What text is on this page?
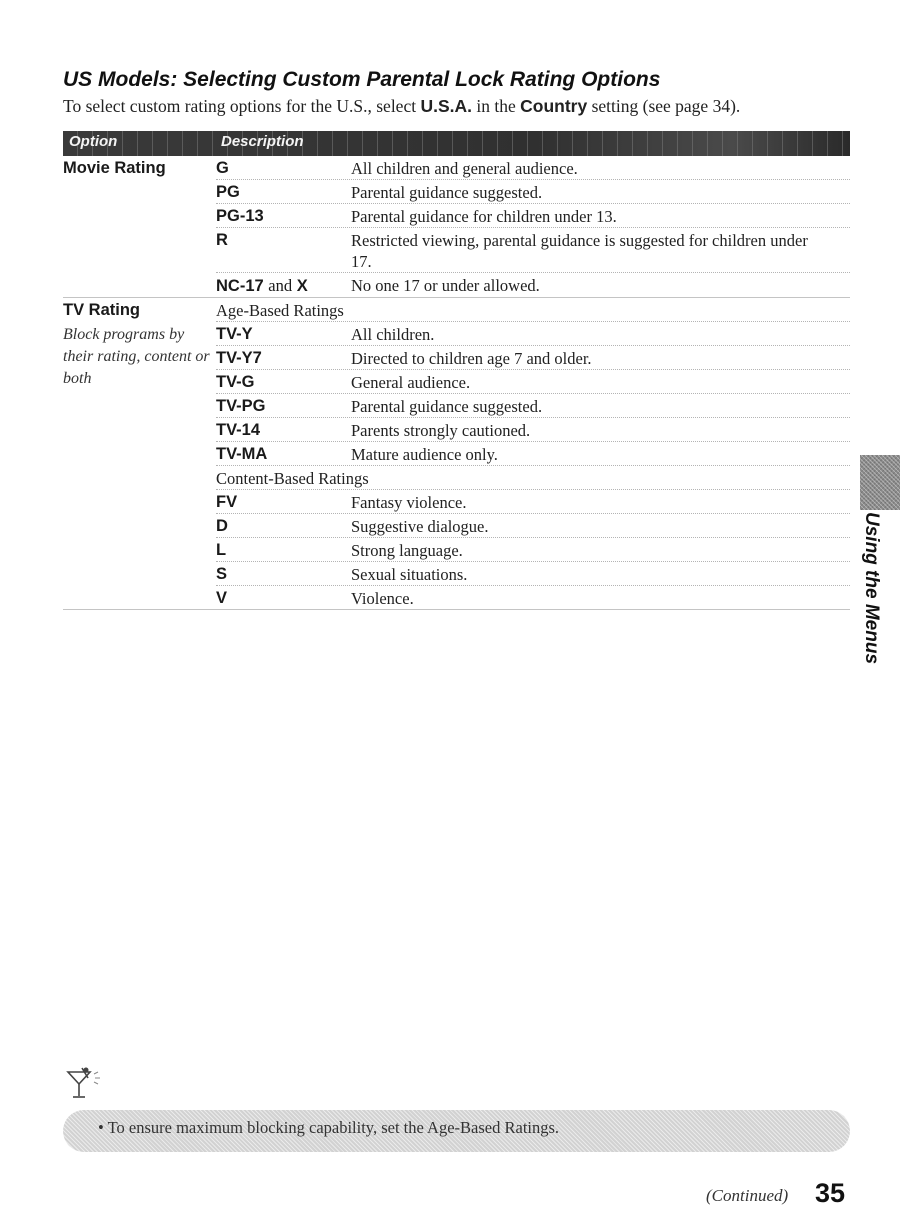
US Models: Selecting Custom Parental Lock Rating Options
To select custom rating options for the U.S., select U.S.A. in the Country setting (see page 34).
Option	Description
Movie Rating	G	All children and general audience.
PG	Parental guidance suggested.
PG-13	Parental guidance for children under 13.
R	Restricted viewing, parental guidance is suggested for children under 17.
NC-17 and X	No one 17 or under allowed.
TV Rating
Block programs by their rating, content or both
Age-Based Ratings
TV-Y	All children.
TV-Y7	Directed to children age 7 and older.
TV-G	General audience.
TV-PG	Parental guidance suggested.
TV-14	Parents strongly cautioned.
TV-MA	Mature audience only.
Content-Based Ratings
FV	Fantasy violence.
D	Suggestive dialogue.
L	Strong language.
S	Sexual situations.
V	Violence.	Using the Menus
• To ensure maximum blocking capability, set the Age-Based Ratings.
(Continued) 35
